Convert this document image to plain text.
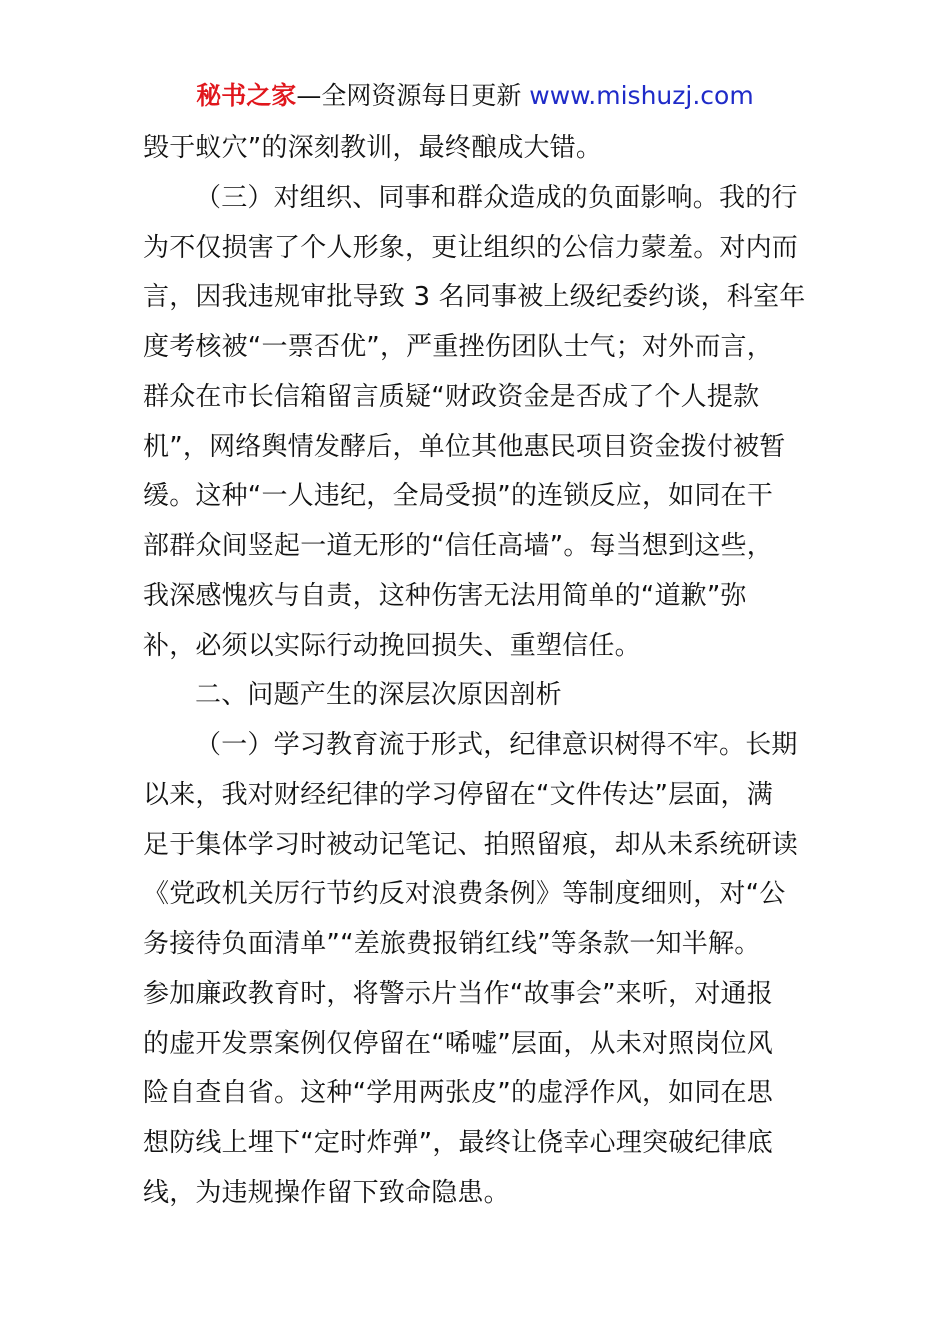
秘书之家—全网资源每日更新 www.mishuzj.com
毁于蚁穴”的深刻教训，最终酿成大错。
（三）对组织、同事和群众造成的负面影响。我的行
为不仅损害了个人形象，更让组织的公信力蒙羞。对内而
言，因我违规审批导致 3 名同事被上级纪委约谈，科室年
度考核被“一票否优”，严重挫伤团队士气；对外而言，
群众在市长信箱留言质疑“财政资金是否成了个人提款
机”，网络舆情发酵后，单位其他惠民项目资金拨付被暂
缓。这种“一人违纪，全局受损”的连锁反应，如同在干
部群众间竖起一道无形的“信任高墙”。每当想到这些，
我深感愧疚与自责，这种伤害无法用简单的“道歉”弥
补，必须以实际行动挽回损失、重塑信任。
二、问题产生的深层次原因剖析
（一）学习教育流于形式，纪律意识树得不牢。长期
以来，我对财经纪律的学习停留在“文件传达”层面，满
足于集体学习时被动记笔记、拍照留痕，却从未系统研读
《党政机关厉行节约反对浪费条例》等制度细则，对“公
务接待负面清单”“差旅费报销红线”等条款一知半解。
参加廉政教育时，将警示片当作“故事会”来听，对通报
的虚开发票案例仅停留在“唏嘘”层面，从未对照岗位风
险自查自省。这种“学用两张皮”的虚浮作风，如同在思
想防线上埋下“定时炸弹”，最终让侥幸心理突破纪律底
线，为违规操作留下致命隐患。
